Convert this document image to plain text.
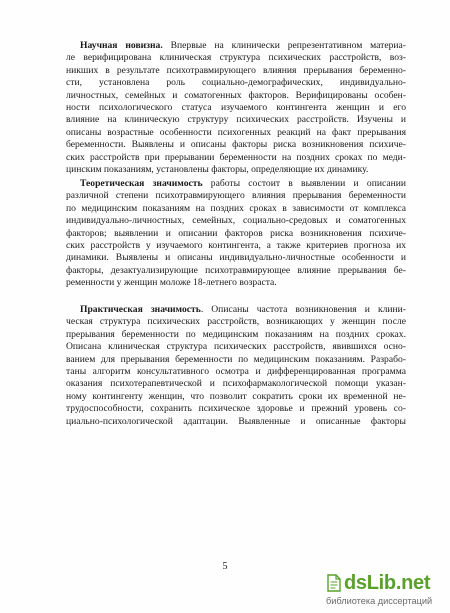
Научная новизна. Впервые на клинически репрезентативном материа-
ле верифицирована клиническая структура психических расстройств, воз-
никших в результате психотравмирующего влияния прерывания беременно-
сти, установлена роль социально-демографических, индивидуально-
личностных, семейных и соматогенных факторов. Верифицированы особен-
ности психологического статуса изучаемого контингента женщин и его
влияние на клиническую структуру психических расстройств. Изучены и
описаны возрастные особенности психогенных реакций на факт прерывания
беременности. Выявлены и описаны факторы риска возникновения психиче-
ских расстройств при прерывании беременности на поздних сроках по меди-
цинским показаниям, установлены факторы, определяющие их динамику.
Теоретическая значимость работы состоит в выявлении и описании
различной степени психотравмирующего влияния прерывания беременности
по медицинским показаниям на поздних сроках в зависимости от комплекса
индивидуально-личностных, семейных, социально-средовых и соматогенных
факторов; выявлении и описании факторов риска возникновения психиче-
ских расстройств у изучаемого контингента, а также критериев прогноза их
динамики. Выявлены и описаны индивидуально-личностные особенности и
факторы, дезактуализирующие психотравмирующее влияние прерывания бе-
ременности у женщин моложе 18-летнего возраста.
Практическая значимость. Описаны частота возникновения и клини-
ческая структура психических расстройств, возникающих у женщин после
прерывания беременности по медицинским показаниям на поздних сроках.
Описана клиническая структура психических расстройств, явившихся осно-
ванием для прерывания беременности по медицинским показаниям. Разрабо-
таны алгоритм консультативного осмотра и дифференцированная программа
оказания психотерапевтической и психофармакологической помощи указан-
ному контингенту женщин, что позволит сократить сроки их временной не-
трудоспособности, сохранить психическое здоровье и прежний уровень со-
циально-психологической адаптации. Выявленные и описанные факторы
5
dsLib.net
библиотека диссертаций
